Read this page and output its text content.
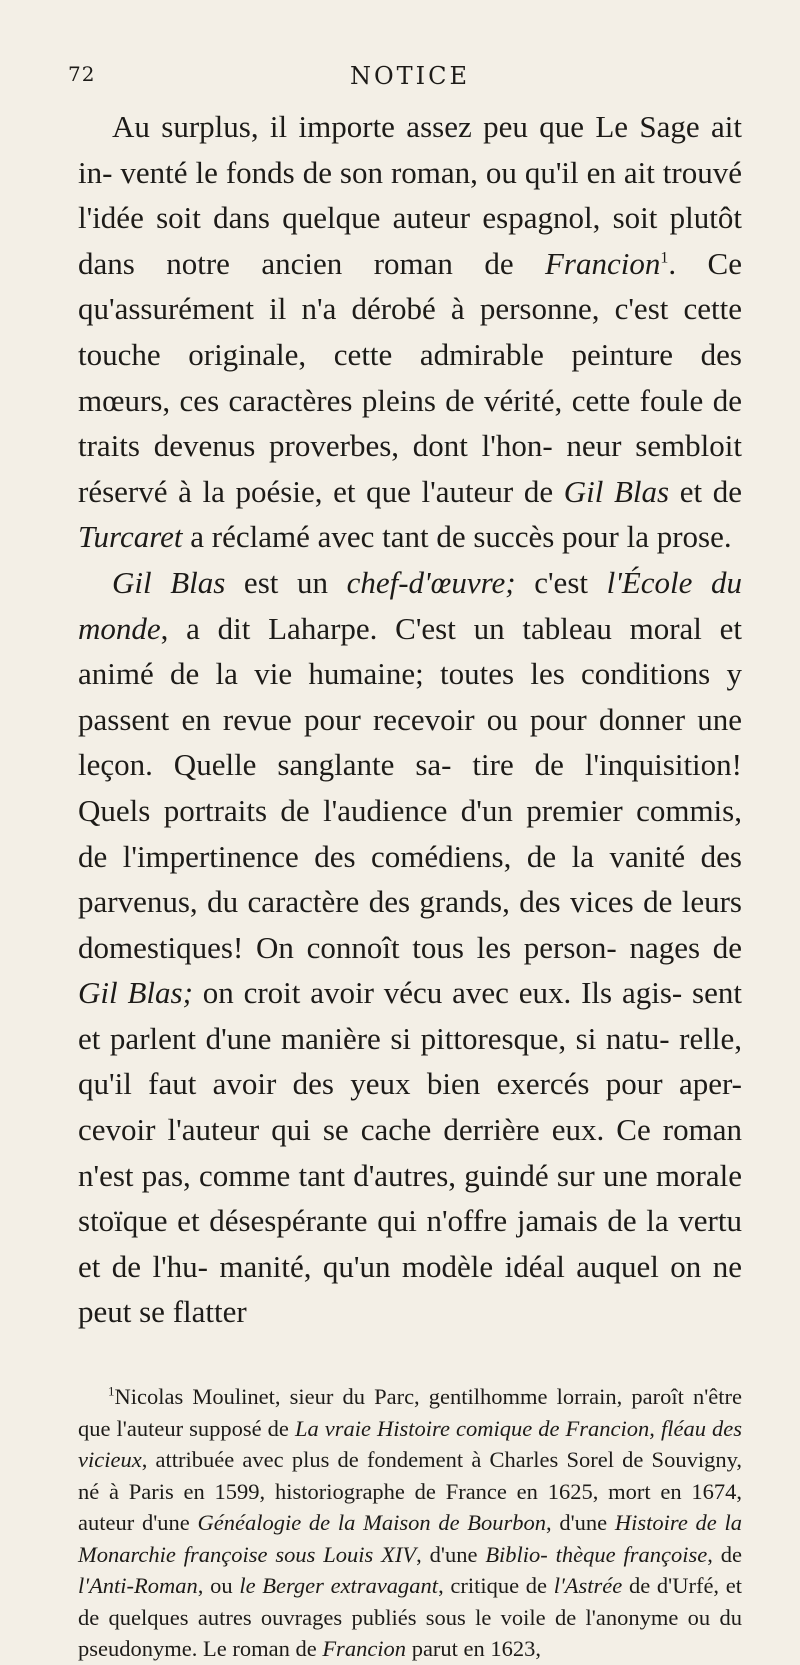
72	NOTICE

Au surplus, il importe assez peu que Le Sage ait in- venté le fonds de son roman, ou qu'il en ait trouvé l'idée soit dans quelque auteur espagnol, soit plutôt dans notre ancien roman de Francion$^1$. Ce qu'assurément il n'a dérobé à personne, c'est cette touche originale, cette admirable peinture des mœurs, ces caractères pleins de vérité, cette foule de traits devenus proverbes, dont l'hon- neur sembloit réservé à la poésie, et que l'auteur de Gil Blas et de Turcaret a réclamé avec tant de succès pour la prose.

Gil Blas est un chef-d'œuvre; c'est l'École du monde, a dit Laharpe. C'est un tableau moral et animé de la vie humaine; toutes les conditions y passent en revue pour recevoir ou pour donner une leçon. Quelle sanglante sa- tire de l'inquisition! Quels portraits de l'audience d'un premier commis, de l'impertinence des comédiens, de la vanité des parvenus, du caractère des grands, des vices de leurs domestiques! On connoît tous les person- nages de Gil Blas; on croit avoir vécu avec eux. Ils agis- sent et parlent d'une manière si pittoresque, si natu- relle, qu'il faut avoir des yeux bien exercés pour aper- cevoir l'auteur qui se cache derrière eux. Ce roman n'est pas, comme tant d'autres, guindé sur une morale stoïque et désespérante qui n'offre jamais de la vertu et de l'hu- manité, qu'un modèle idéal auquel on ne peut se flatter

$^1$Nicolas Moulinet, sieur du Parc, gentilhomme lorrain, paroît n'être que l'auteur supposé de La vraie Histoire comique de Francion, fléau des vicieux, attribuée avec plus de fondement à Charles Sorel de Souvigny, né à Paris en 1599, historiographe de France en 1625, mort en 1674, auteur d'une Généalogie de la Maison de Bourbon, d'une Histoire de la Monarchie françoise sous Louis XIV, d'une Biblio- thèque françoise, de l'Anti-Roman, ou le Berger extravagant, critique de l'Astrée de d'Urfé, et de quelques autres ouvrages publiés sous le voile de l'anonyme ou du pseudonyme. Le roman de Francion parut en 1623,
